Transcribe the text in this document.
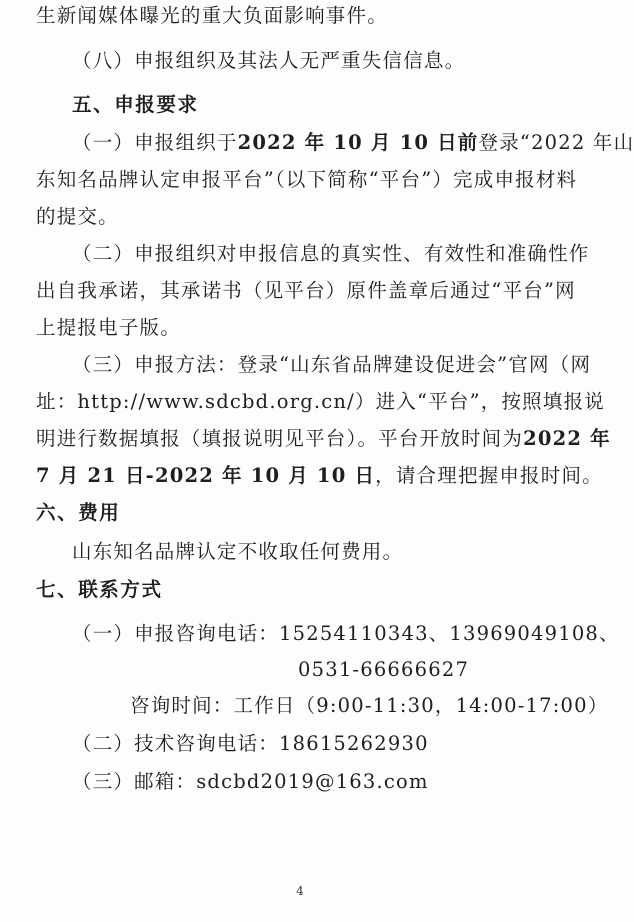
生新闻媒体曝光的重大负面影响事件。
（八）申报组织及其法人无严重失信信息。
五、申报要求
（一）申报组织于2022 年 10 月 10 日前登录“2022 年山
东知名品牌认定申报平台”（以下简称“平台”）完成申报材料
的提交。
（二）申报组织对申报信息的真实性、有效性和准确性作
出自我承诺，其承诺书（见平台）原件盖章后通过“平台”网
上提报电子版。
（三）申报方法：登录“山东省品牌建设促进会”官网（网
址：http://www.sdcbd.org.cn/）进入“平台”，按照填报说
明进行数据填报（填报说明见平台）。平台开放时间为2022 年
7 月 21 日-2022 年 10 月 10 日，请合理把握申报时间。
六、费用
山东知名品牌认定不收取任何费用。
七、联系方式
（一）申报咨询电话：15254110343、13969049108、
0531-66666627
咨询时间：工作日（9:00-11:30，14:00-17:00）
（二）技术咨询电话：18615262930
（三）邮箱：sdcbd2019@163.com
4
